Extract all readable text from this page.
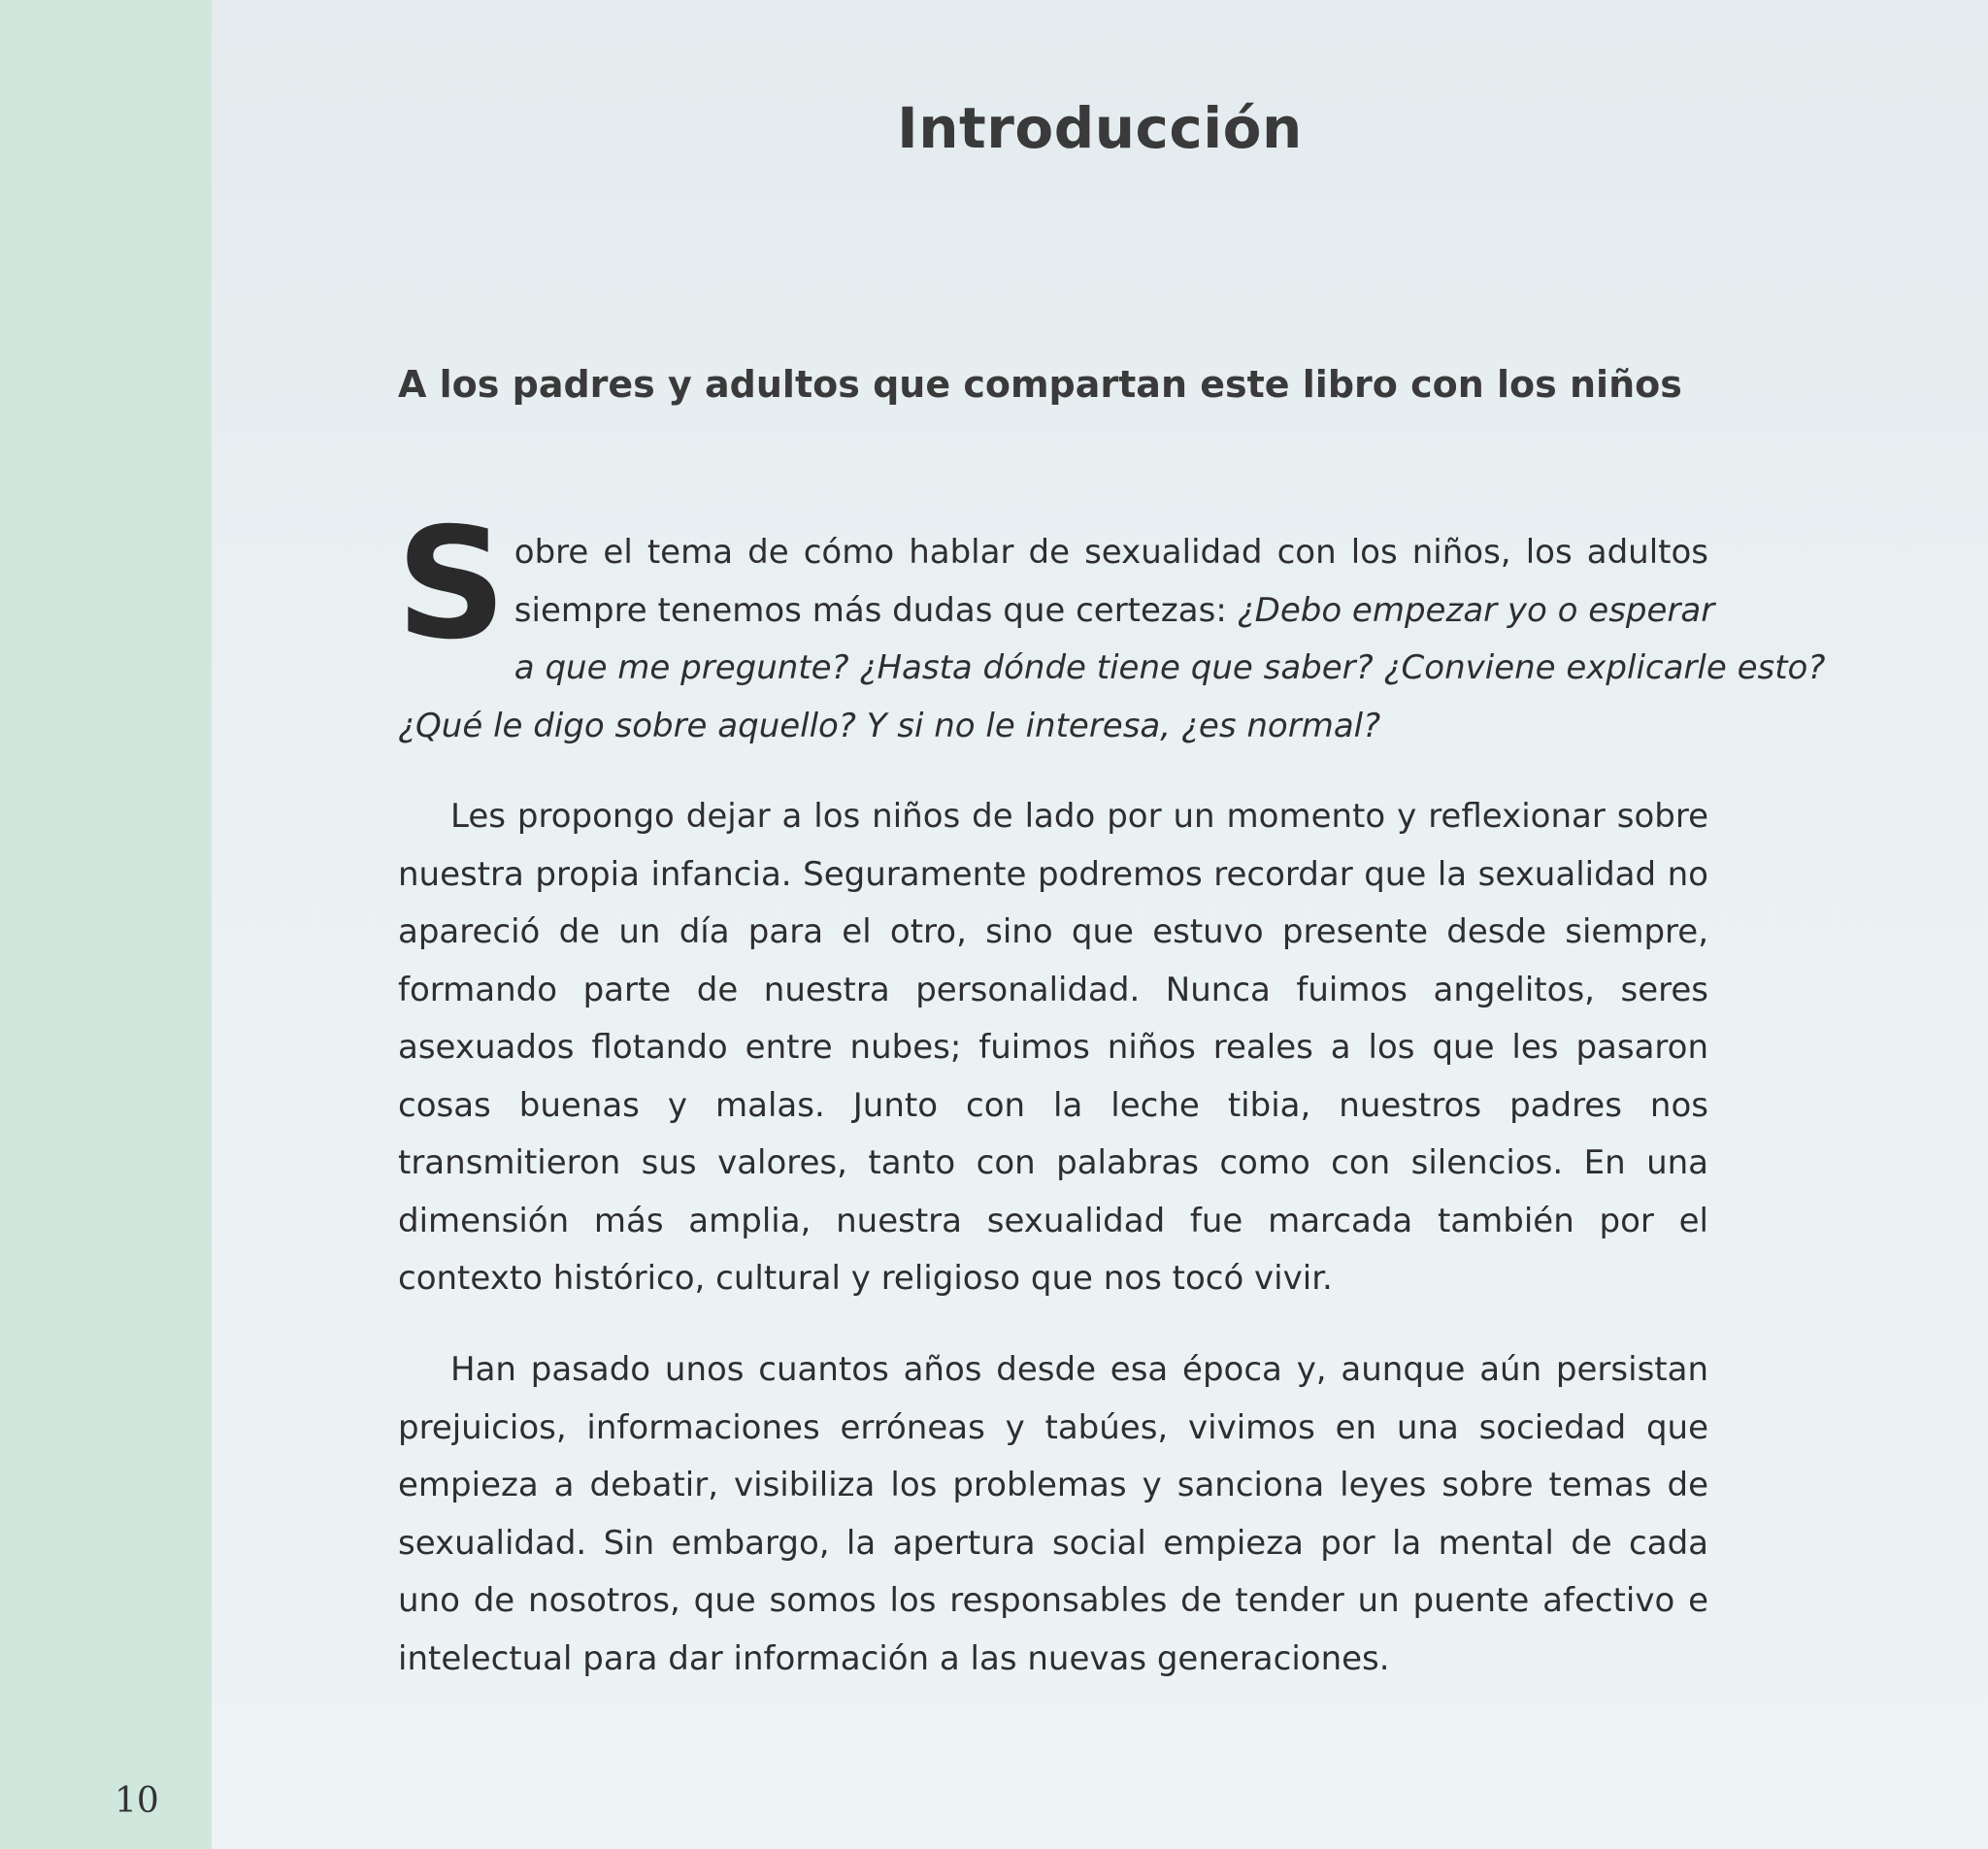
Introducción
A los padres y adultos que compartan este libro con los niños
S obre el tema de cómo hablar de sexualidad con los niños, los adultos
siempre tenemos más dudas que certezas: ¿Debo empezar yo o esperar
a que me pregunte? ¿Hasta dónde tiene que saber? ¿Conviene explicarle esto?
¿Qué le digo sobre aquello? Y si no le interesa, ¿es normal?
Les propongo dejar a los niños de lado por un momento y reflexionar sobre nuestra propia infancia. Seguramente podremos recordar que la sexualidad no apareció de un día para el otro, sino que estuvo presente desde siempre, formando parte de nuestra personalidad. Nunca fuimos angelitos, seres asexuados flotando entre nubes; fuimos niños reales a los que les pasaron cosas buenas y malas. Junto con la leche tibia, nuestros padres nos transmitieron sus valores, tanto con palabras como con silencios. En una dimensión más amplia, nuestra sexualidad fue marcada también por el contexto histórico, cultural y religioso que nos tocó vivir.
Han pasado unos cuantos años desde esa época y, aunque aún persistan prejuicios, informaciones erróneas y tabúes, vivimos en una sociedad que empieza a debatir, visibiliza los problemas y sanciona leyes sobre temas de sexualidad. Sin embargo, la apertura social empieza por la mental de cada uno de nosotros, que somos los responsables de tender un puente afectivo e intelectual para dar información a las nuevas generaciones.
10
